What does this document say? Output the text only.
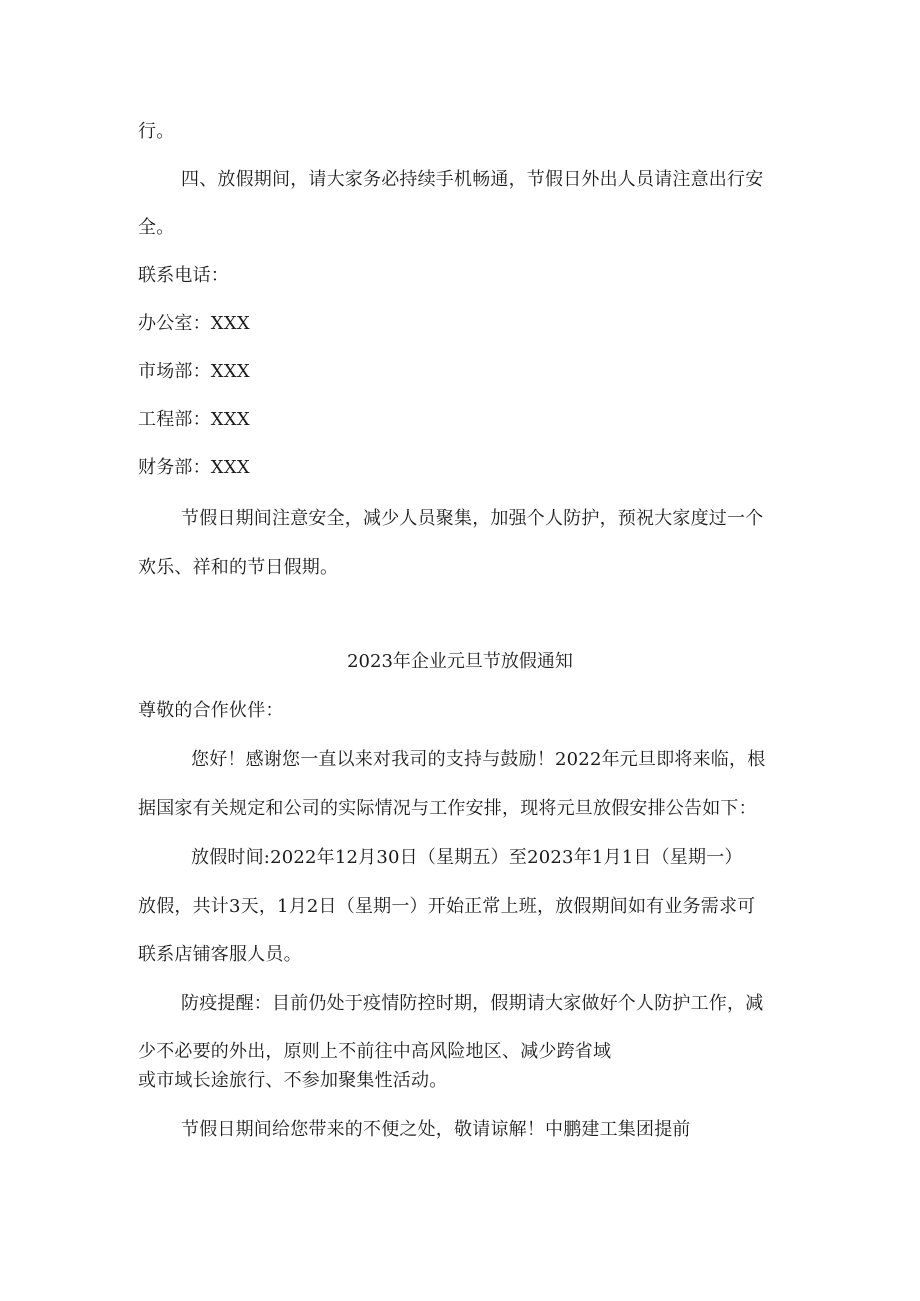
行。
四、放假期间，请大家务必持续手机畅通，节假日外出人员请注意出行安
全。
联系电话：
办公室：XXX
市场部：XXX
工程部：XXX
财务部：XXX
节假日期间注意安全，减少人员聚集，加强个人防护，预祝大家度过一个
欢乐、祥和的节日假期。
2023年企业元旦节放假通知
尊敬的合作伙伴：
您好！感谢您一直以来对我司的支持与鼓励！2022年元旦即将来临，根
据国家有关规定和公司的实际情况与工作安排，现将元旦放假安排公告如下：
放假时间:2022年12月30日（星期五）至2023年1月1日（星期一）
放假，共计3天，1月2日（星期一）开始正常上班，放假期间如有业务需求可
联系店铺客服人员。
防疫提醒：目前仍处于疫情防控时期，假期请大家做好个人防护工作，减
少不必要的外出，原则上不前往中高风险地区、减少跨省域
或市域长途旅行、不参加聚集性活动。
节假日期间给您带来的不便之处，敬请谅解！中鹏建工集团提前
